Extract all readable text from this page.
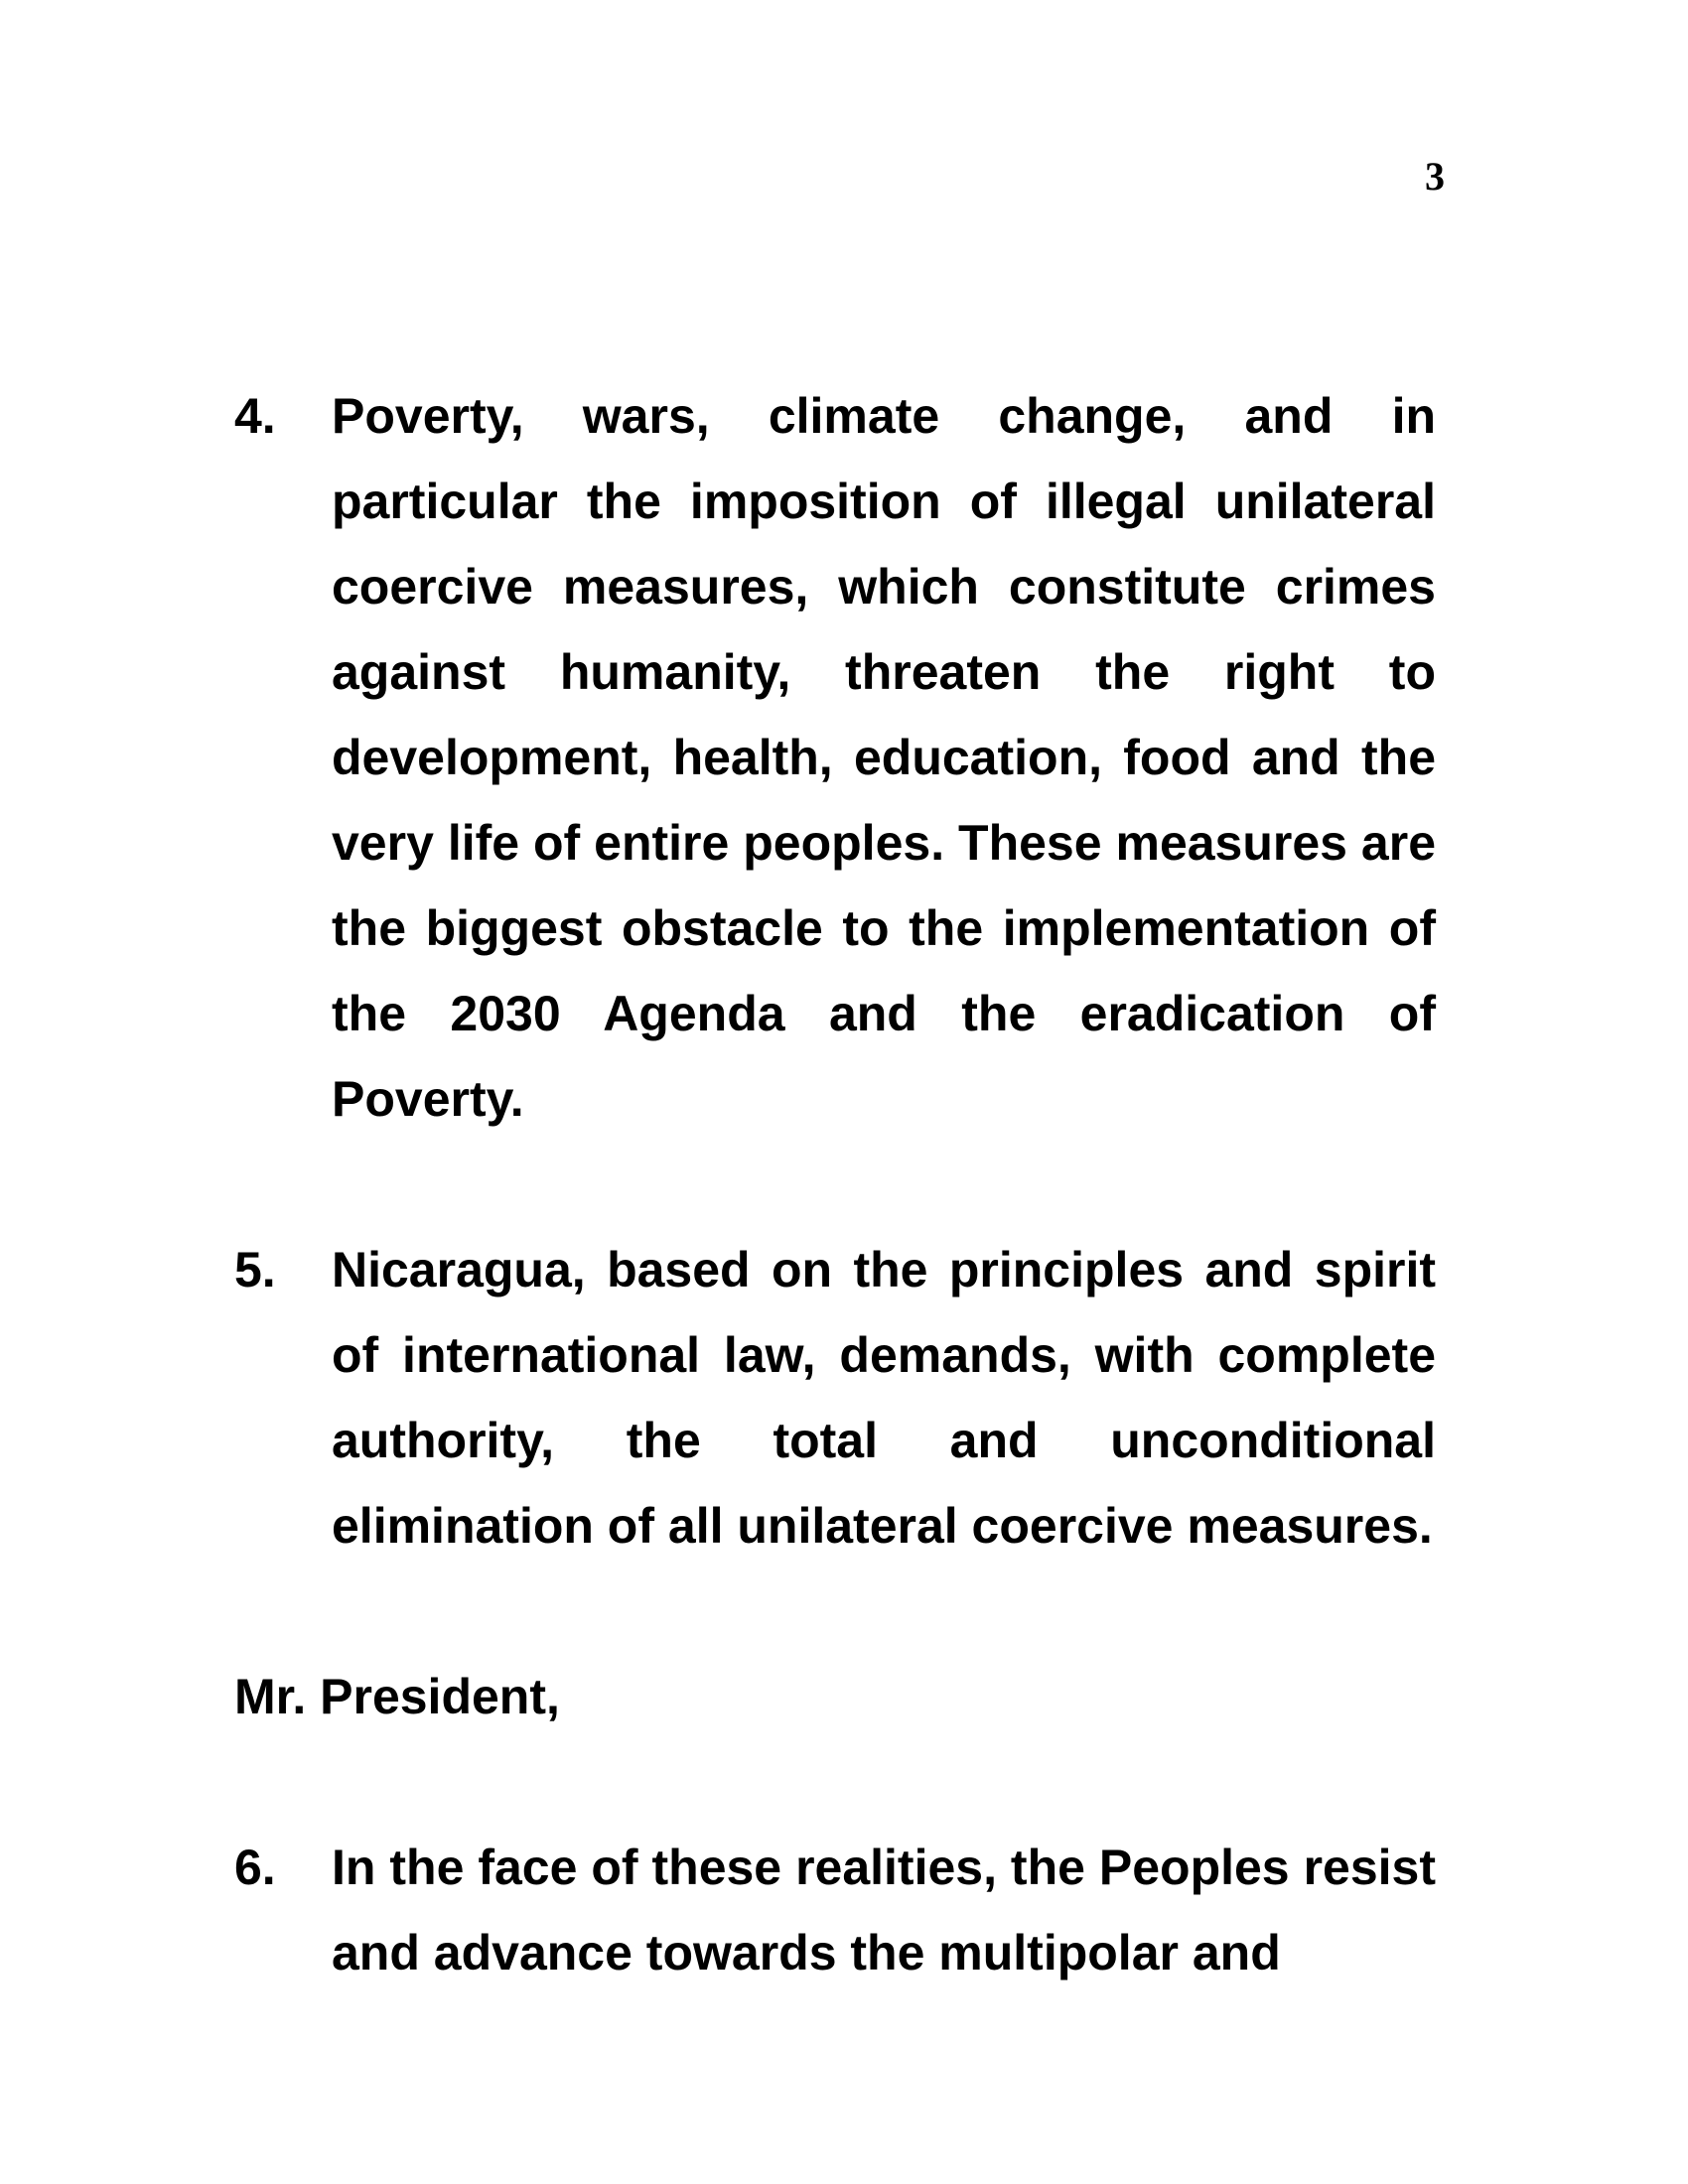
3
4. Poverty, wars, climate change, and in particular the imposition of illegal unilateral coercive measures, which constitute crimes against humanity, threaten the right to development, health, education, food and the very life of entire peoples. These measures are the biggest obstacle to the implementation of the 2030 Agenda and the eradication of Poverty.
5. Nicaragua, based on the principles and spirit of international law, demands, with complete authority, the total and unconditional elimination of all unilateral coercive measures.
Mr. President,
6. In the face of these realities, the Peoples resist and advance towards the multipolar and
